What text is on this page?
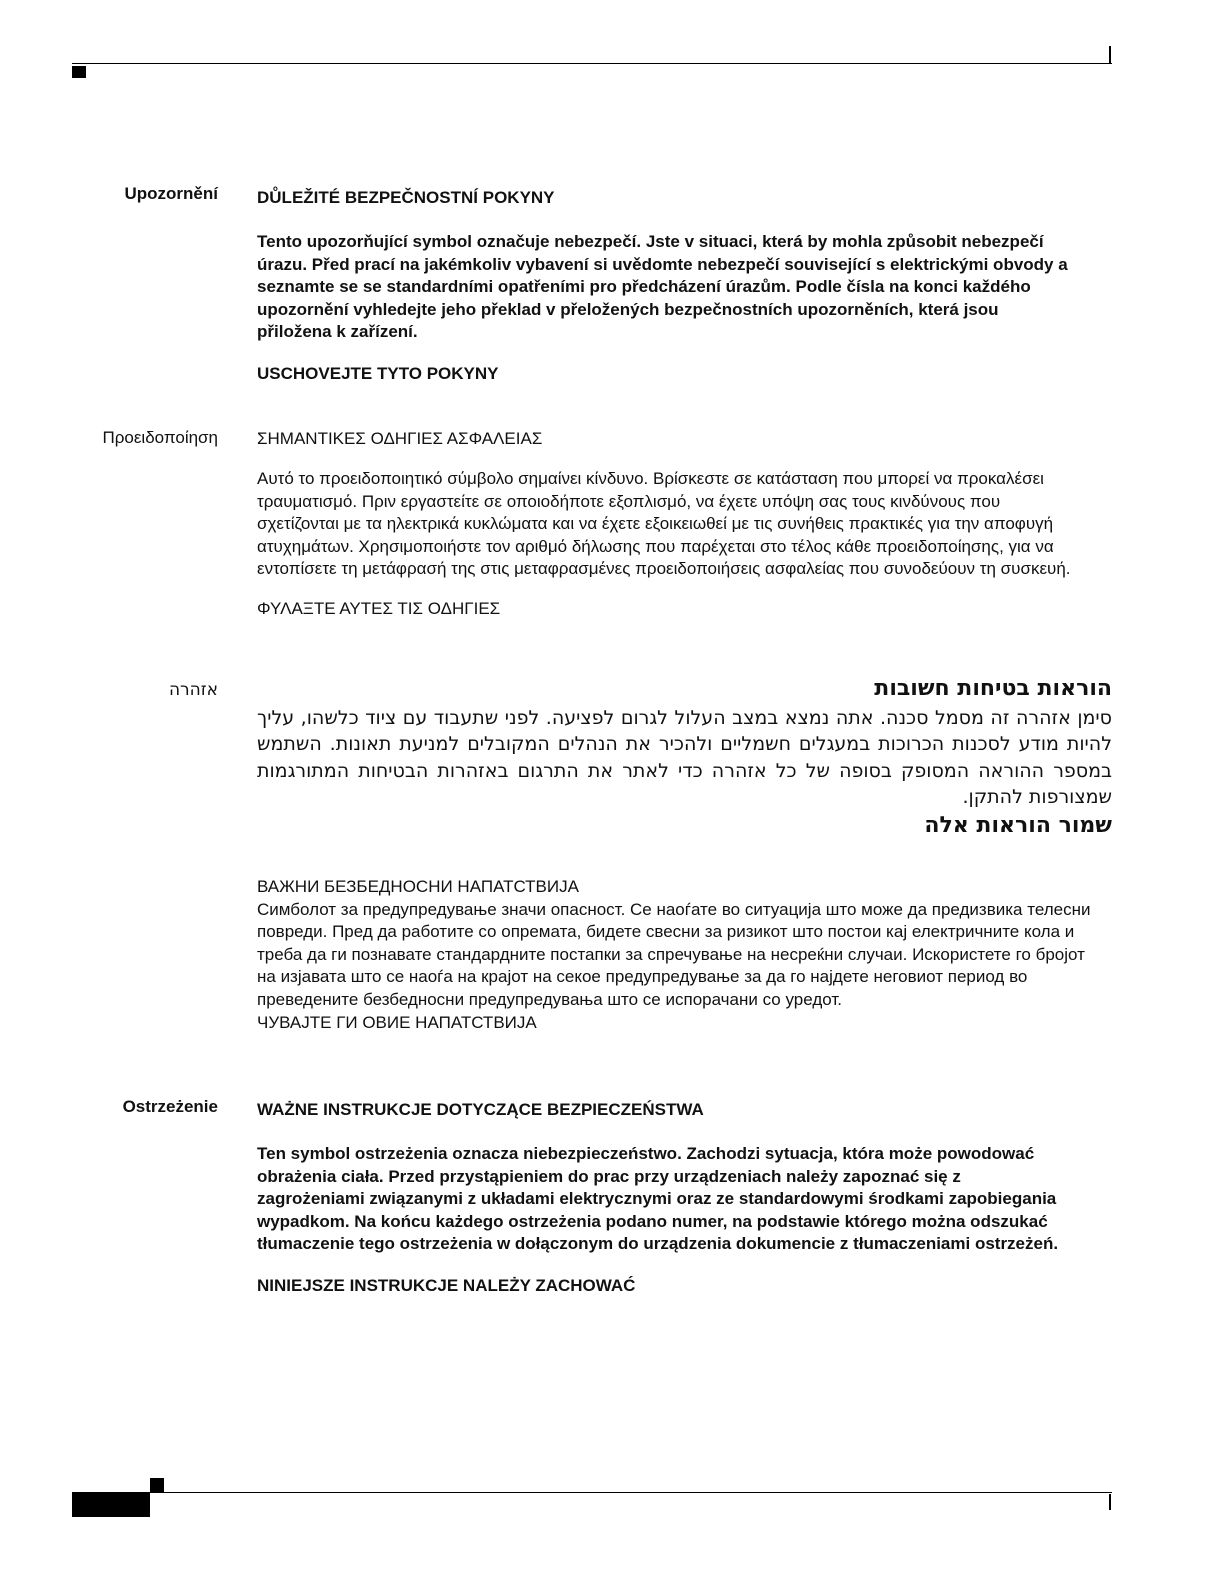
Upozornění DŮLEŽITÉ BEZPEČNOSTNÍ POKYNY

Tento upozorňující symbol označuje nebezpečí. Jste v situaci, která by mohla způsobit nebezpečí úrazu. Před prací na jakémkoliv vybavení si uvědomte nebezpečí související s elektrickými obvody a seznamte se se standardními opatřeními pro předcházení úrazům. Podle čísla na konci každého upozornění vyhledejte jeho překlad v přeložených bezpečnostních upozorněních, která jsou přiložena k zařízení.

USCHOVEJTE TYTO POKYNY

Προειδοποίηση ΣΗΜΑΝΤΙΚΕΣ ΟΔΗΓΙΕΣ ΑΣΦΑΛΕΙΑΣ

Αυτό το προειδοποιητικό σύμβολο σημαίνει κίνδυνο. Βρίσκεστε σε κατάσταση που μπορεί να προκαλέσει τραυματισμό. Πριν εργαστείτε σε οποιοδήποτε εξοπλισμό, να έχετε υπόψη σας τους κινδύνους που σχετίζονται με τα ηλεκτρικά κυκλώματα και να έχετε εξοικειωθεί με τις συνήθεις πρακτικές για την αποφυγή ατυχημάτων. Χρησιμοποιήστε τον αριθμό δήλωσης που παρέχεται στο τέλος κάθε προειδοποίησης, για να εντοπίσετε τη μετάφρασή της στις μεταφρασμένες προειδοποιήσεις ασφαλείας που συνοδεύουν τη συσκευή.

ΦΥΛΑΞΤΕ ΑΥΤΕΣ ΤΙΣ ΟΔΗΓΙΕΣ

אזהרה	הוראות בטיחות חשובות
סימן אזהרה זה מסמל סכנה. אתה נמצא במצב העלול לגרום לפציעה. לפני שתעבוד עם ציוד כלשהו, עליך להיות מודע לסכנות הכרוכות במעגלים חשמליים ולהכיר את הנהלים המקובלים למניעת תאונות. השתמש במספר ההוראה המסופק בסופה של כל אזהרה כדי לאתר את התרגום באזהרות הבטיחות המתורגמות שמצורפות להתקן.
שמור הוראות אלה

ВАЖНИ БЕЗБЕДНОСНИ НАПАТСТВИЈА

Симболот за предупредување значи опасност. Се наоѓате во ситуација што може да предизвика телесни повреди. Пред да работите со опремата, бидете свесни за ризикот што постои кај електричните кола и треба да ги познавате стандардните постапки за спречување на несреќни случаи. Искористете го бројот на изјавата што се наоѓа на крајот на секое предупредување за да го најдете неговиот период во преведените безбедносни предупредувања што се испорачани со уредот.

ЧУВАЈТЕ ГИ ОВИЕ НАПАТСТВИЈА

Ostrzeżenie WAŻNE INSTRUKCJE DOTYCZĄCE BEZPIECZEŃSTWA

Ten symbol ostrzeżenia oznacza niebezpieczeństwo. Zachodzi sytuacja, która może powodować obrażenia ciała. Przed przystąpieniem do prac przy urządzeniach należy zapoznać się z zagrożeniami związanymi z układami elektrycznymi oraz ze standardowymi środkami zapobiegania wypadkom. Na końcu każdego ostrzeżenia podano numer, na podstawie którego można odszukać tłumaczenie tego ostrzeżenia w dołączonym do urządzenia dokumencie z tłumaczeniami ostrzeżeń.

NINIEJSZE INSTRUKCJE NALEŻY ZACHOWAĆ
